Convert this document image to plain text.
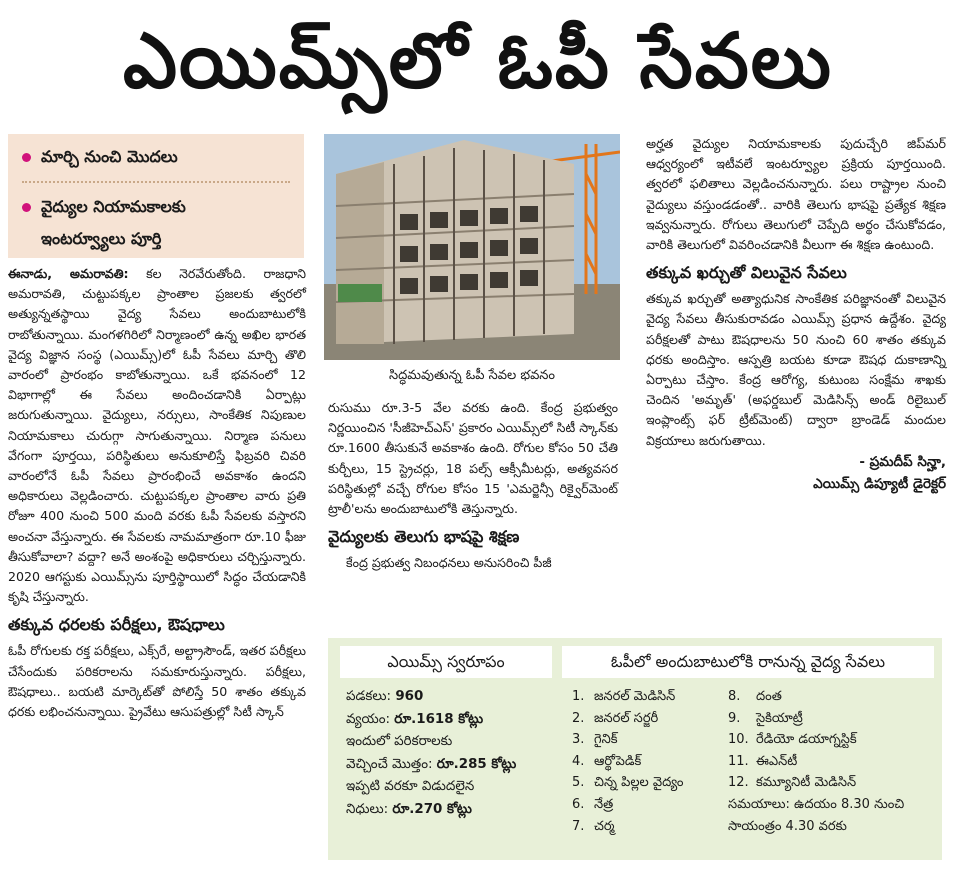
ఎయిమ్స్‌లో ఓపీ సేవలు
మార్చి నుంచి మొదలు
వైద్యుల నియామకాలకు
ఇంటర్వ్యూలు పూర్తి

ఈనాడు, అమరావతి: కల నెరవేరుతోంది. రాజధాని అమరావతి, చుట్టుపక్కల ప్రాంతాల ప్రజలకు త్వరలో అత్యున్నతస్థాయి వైద్య సేవలు అందుబాటులోకి రాబోతున్నాయి. మంగళగిరిలో నిర్మాణంలో ఉన్న అఖిల భారత వైద్య విజ్ఞాన సంస్థ (ఎయిమ్స్)లో ఓపీ సేవలు మార్చి తొలి వారంలో ప్రారంభం కాబోతున్నాయి. ఒకే భవనంలో 12 విభాగాల్లో ఈ సేవలు అందించడానికి ఏర్పాట్లు జరుగుతున్నాయి. వైద్యులు, నర్సులు, సాంకేతిక నిపుణుల నియామకాలు చురుగ్గా సాగుతున్నాయి. నిర్మాణ పనులు వేగంగా పూర్తయి, పరిస్థితులు అనుకూలిస్తే ఫిబ్రవరి చివరి వారంలోనే ఓపీ సేవలు ప్రారంభించే అవకాశం ఉందని అధికారులు వెల్లడించారు. చుట్టుపక్కల ప్రాంతాల వారు ప్రతి రోజూ 400 నుంచి 500 మంది వరకు ఓపీ సేవలకు వస్తారని అంచనా వేస్తున్నారు. ఈ సేవలకు నామమాత్రంగా రూ.10 ఫీజు తీసుకోవాలా? వద్దా? అనే అంశంపై అధికారులు చర్చిస్తున్నారు. 2020 ఆగస్టుకు ఎయిమ్స్‌ను పూర్తిస్థాయిలో సిద్ధం చేయడానికి కృషి చేస్తున్నారు.

తక్కువ ధరలకు పరీక్షలు, ఔషధాలు

ఓపీ రోగులకు రక్త పరీక్షలు, ఎక్స్‌రే, అల్ట్రాసౌండ్, ఇతర పరీక్షలు చేసేందుకు పరికరాలను సమకూరుస్తున్నారు. పరీక్షలు, ఔషధాలు.. బయటి మార్కెట్‌తో పోలిస్తే 50 శాతం తక్కువ ధరకు లభించనున్నాయి. ప్రైవేటు ఆసుపత్రుల్లో సిటీ స్కాన్

సిద్ధమవుతున్న ఓపీ సేవల భవనం

రుసుము రూ.3-5 వేల వరకు ఉంది. కేంద్ర ప్రభుత్వం నిర్ణయించిన 'సీజీహెచ్ఎస్' ప్రకారం ఎయిమ్స్‌లో సిటీ స్కాన్‌కు రూ.1600 తీసుకునే అవకాశం ఉంది. రోగుల కోసం 50 చేతి కుర్చీలు, 15 స్ట్రెచర్లు, 18 పల్స్ ఆక్సీమీటర్లు, అత్యవసర పరిస్థితుల్లో వచ్చే రోగుల కోసం 15 'ఎమర్జెన్సీ రిక్వైర్‌మెంట్ ట్రాలీ'లను అందుబాటులోకి తెస్తున్నారు.

వైద్యులకు తెలుగు భాషపై శిక్షణ

కేంద్ర ప్రభుత్వ నిబంధనలు అనుసరించి పీజీ

అర్హత వైద్యుల నియామకాలకు పుదుచ్చేరి జిప్‌మర్ ఆధ్వర్యంలో ఇటీవలే ఇంటర్వ్యూల ప్రక్రియ పూర్తయింది. త్వరలో ఫలితాలు వెల్లడించనున్నారు. పలు రాష్ట్రాల నుంచి వైద్యులు వస్తుండడంతో.. వారికి తెలుగు భాషపై ప్రత్యేక శిక్షణ ఇవ్వనున్నారు. రోగులు తెలుగులో చెప్పేది అర్థం చేసుకోవడం, వారికి తెలుగులో వివరించడానికి వీలుగా ఈ శిక్షణ ఉంటుంది.

తక్కువ ఖర్చుతో విలువైన సేవలు

తక్కువ ఖర్చుతో అత్యాధునిక సాంకేతిక పరిజ్ఞానంతో విలువైన వైద్య సేవలు తీసుకురావడం ఎయిమ్స్ ప్రధాన ఉద్దేశం. వైద్య పరీక్షలతో పాటు ఔషధాలను 50 నుంచి 60 శాతం తక్కువ ధరకు అందిస్తాం. ఆస్పత్రి బయట కూడా ఔషధ దుకాణాన్ని ఏర్పాటు చేస్తాం. కేంద్ర ఆరోగ్య, కుటుంబ సంక్షేమ శాఖకు చెందిన 'అమృత్' (అఫర్డబుల్ మెడిసిన్స్ అండ్ రిలైబుల్ ఇంప్లాంట్స్ ఫర్ ట్రీట్‌మెంట్) ద్వారా బ్రాండెడ్ మందుల విక్రయాలు జరుగుతాయి.

- ప్రమదీప్ సిన్హా,
ఎయిమ్స్ డిప్యూటీ డైరెక్టర్
ఎయిమ్స్ స్వరూపం	ఓపీలో అందుబాటులోకి రానున్న వైద్య సేవలు
పడకలు: 960
వ్యయం: రూ.1618 కోట్లు
ఇందులో పరికరాలకు
వెచ్చించే మొత్తం: రూ.285 కోట్లు
ఇప్పటి వరకూ విడుదలైన
నిధులు: రూ.270 కోట్లు
1. జనరల్ మెడిసిన్
2. జనరల్ సర్జరీ
3. గైనిక్
4. ఆర్థోపెడిక్
5. చిన్న పిల్లల వైద్యం
6. నేత్ర
7. చర్మ
8. దంత
9. సైకియాట్రీ
10. రేడియో డయాగ్నస్టిక్
11. ఈఎన్‌టీ
12. కమ్యూనిటీ మెడిసిన్
సమయాలు: ఉదయం 8.30 నుంచి
సాయంత్రం 4.30 వరకు
